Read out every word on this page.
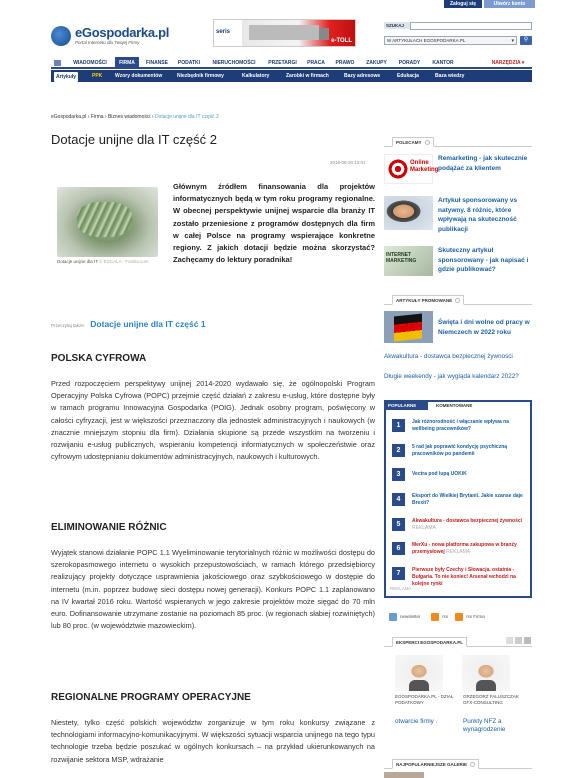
Zaloguj się	Utwórz konto
eGospodarka.pl
Portal Internetu dla Twojej Firmy
seris
e-TOLL
SZUKAJ
W ARTYKUŁACH EGOSPODARKA.PL	▾	⚲
WIADOMOŚCI	FIRMA	FINANSE	PODATKI	NIERUCHOMOŚCI	PRZETARGI	PRACA	PRAWO	ZAKUPY	PORADY	KANTOR	NARZĘDZIA ▾
Artykuły	PPK	Wzory dokumentów	Niezbędnik firmowy	Kalkulatory	Zarobki w firmach	Bazy adresowe	Edukacja	Baza wiedzy
eGospodarka.pl › Firma › Biznes wiadomości › Dotacje unijne dla IT część 2
Dotacje unijne dla IT część 2
2016-05-20 13:01
Głównym źródłem finansowania dla projektów informatycznych będą w tym roku programy regionalne. W obecnej perspektywie unijnej wsparcie dla branży IT zostało przeniesione z programów dostępnych dla firm w całej Polsce na programy wspierające konkretne regiony. Z jakich dotacji będzie można skorzystać? Zachęcamy do lektury poradnika!
Dotacje unijne dla IT © ESCALA - Fotolia.com
Przeczytaj także: Dotacje unijne dla IT część 1
POLSKA CYFROWA
Przed rozpoczęciem perspektywy unijnej 2014-2020 wydawało się, że ogólnopolski Program Operacyjny Polska Cyfrowa (POPC) przejmie część działań z zakresu e-usług, które dostępne były w ramach programu Innowacyjna Gospodarka (POIG). Jednak osobny program, poświęcony w całości cyfryzacji, jest w większości przeznaczony dla jednostek administracyjnych i naukowych (w znacznie mniejszym stopniu dla firm). Działania skupione są przede wszystkim na tworzeniu i rozwijaniu e-usług publicznych, wspieraniu kompetencji informatycznych w społeczeństwie oraz cyfrowym udostępnianiu dokumentów administracyjnych, naukowych i kulturowych.
ELIMINOWANIE RÓŻNIC
Wyjątek stanowi działanie POPC 1.1 Wyeliminowanie terytorialnych różnic w możliwości dostępu do szerokopasmowego internetu o wysokich przepustowościach, w ramach którego przedsiębiorcy realizujący projekty dotyczące usprawnienia jakościowego oraz szybkościowego w dostępie do internetu (m.in. poprzez budowę sieci dostępu nowej generacji). Konkurs POPC 1.1 zaplanowano na IV kwartał 2016 roku. Wartość wspieranych w jego zakresie projektów może sięgać do 70 mln euro. Dofinansowanie utrzymane zostanie na poziomach 85 proc. (w regionach słabiej rozwiniętych) lub 80 proc. (w województwie mazowieckim).
REGIONALNE PROGRAMY OPERACYJNE
Niestety, tylko część polskich województw zorganizuje w tym roku konkursy związane z technologiami informacyjno-komunikacyjnymi. W większości sytuacji wsparcia unijnego na tego typu technologie trzeba będzie poszukać w ogólnych konkursach – na przykład ukierunkowanych na rozwijanie sektora MSP, wdrażanie
POLECAMY
Online Marketing
Remarketing - jak skutecznie podążać za klientem
Artykuł sponsorowany vs natywny. 8 różnic, które wpływają na skuteczność publikacji
INTERNET MARKETING
Skuteczny artykuł sponsorowany - jak napisać i gdzie publikować?
ARTYKUŁY PROMOWANE
Święta i dni wolne od pracy w Niemczech w 2022 roku
Akwakultura - dostawca bezpiecznej żywności
Długie weekendy - jak wygląda kalendarz 2022?
1	Jak różnorodność i włączanie wpływa na wellbeing pracowników?
2	5 rad jak poprawić kondycję psychiczną pracowników po pandemii
3	Vectra pod lupą UOKiK
4	Eksport do Wielkiej Brytanii. Jakie szanse daje Brexit?
5	Akwakultura - dostawca bezpiecznej żywności REKLAMA
6	MerXu - nowa platforma zakupowa w branży przemysłowej REKLAMA
7	Pierwsze były Czechy i Słowacja, ostatnia - Bułgaria. To nie koniec! Arsenał wchodzi na kolejne rynki
REKLAMA
POPULARNE	KOMENTOWANE
newsletter	rss	rss Firma
EKSPERCI EGOSPODARKA.PL
EGOSPODARKA.PL - DZIAŁ PODATKOWY
GRZEGORZ FALUSZCZAK GFX-CONSULTING
otwarcie firmy .	Punkty NFZ a wynagrodzenie
NAJPOPULARNIEJSZE GALERIE
